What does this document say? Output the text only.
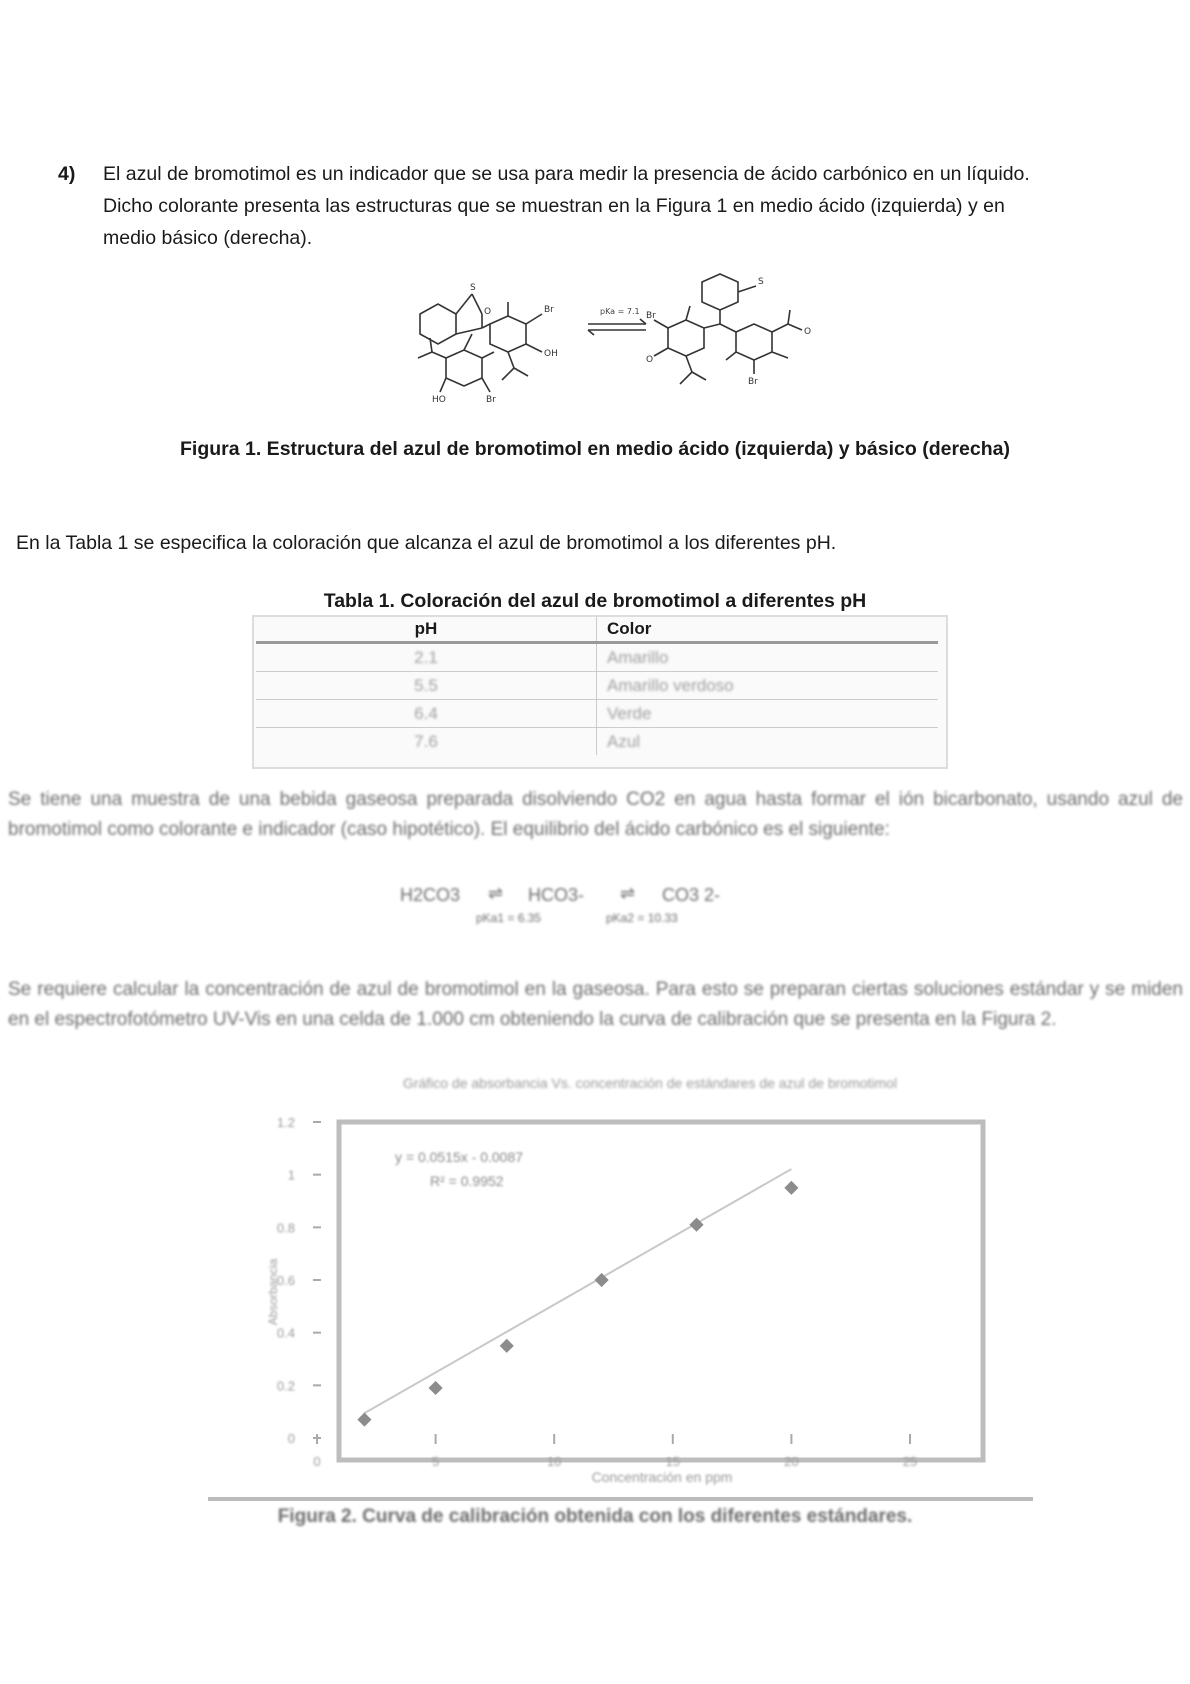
4) El azul de bromotimol es un indicador que se usa para medir la presencia de ácido carbónico en un líquido.
Dicho colorante presenta las estructuras que se muestran en la Figura 1 en medio ácido (izquierda) y en
medio básico (derecha).
S
O	Br
OH
HO	Br
Br
O
S
O
Br
pKa = 7.1
Figura 1. Estructura del azul de bromotimol en medio ácido (izquierda) y básico (derecha)
En la Tabla 1 se especifica la coloración que alcanza el azul de bromotimol a los diferentes pH.
Tabla 1. Coloración del azul de bromotimol a diferentes pH
pH	Color
2.1	Amarillo
5.5	Amarillo verdoso
6.4	Verde
7.6	Azul
Se tiene una muestra de una bebida gaseosa preparada disolviendo CO2 en agua hasta formar el ión bicarbonato, usando azul de bromotimol como colorante e indicador (caso hipotético). El equilibrio del ácido carbónico es el siguiente:
H2CO3 ⇌ HCO3- ⇌ CO3 2-
pKa1 = 6.35	pKa2 = 10.33
Se requiere calcular la concentración de azul de bromotimol en la gaseosa. Para esto se preparan ciertas soluciones estándar y se miden en el espectrofotómetro UV-Vis en una celda de 1.000 cm obteniendo la curva de calibración que se presenta en la Figura 2.
Gráfico de absorbancia Vs. concentración de estándares de azul de bromotimol
0
0.2
0.4
0.6
0.8
1
1.2
0	5	10	15	20	25
y = 0.0515x - 0.0087
R² = 0.9952
Concentración en ppm
Absorbancia
Figura 2. Curva de calibración obtenida con los diferentes estándares.
